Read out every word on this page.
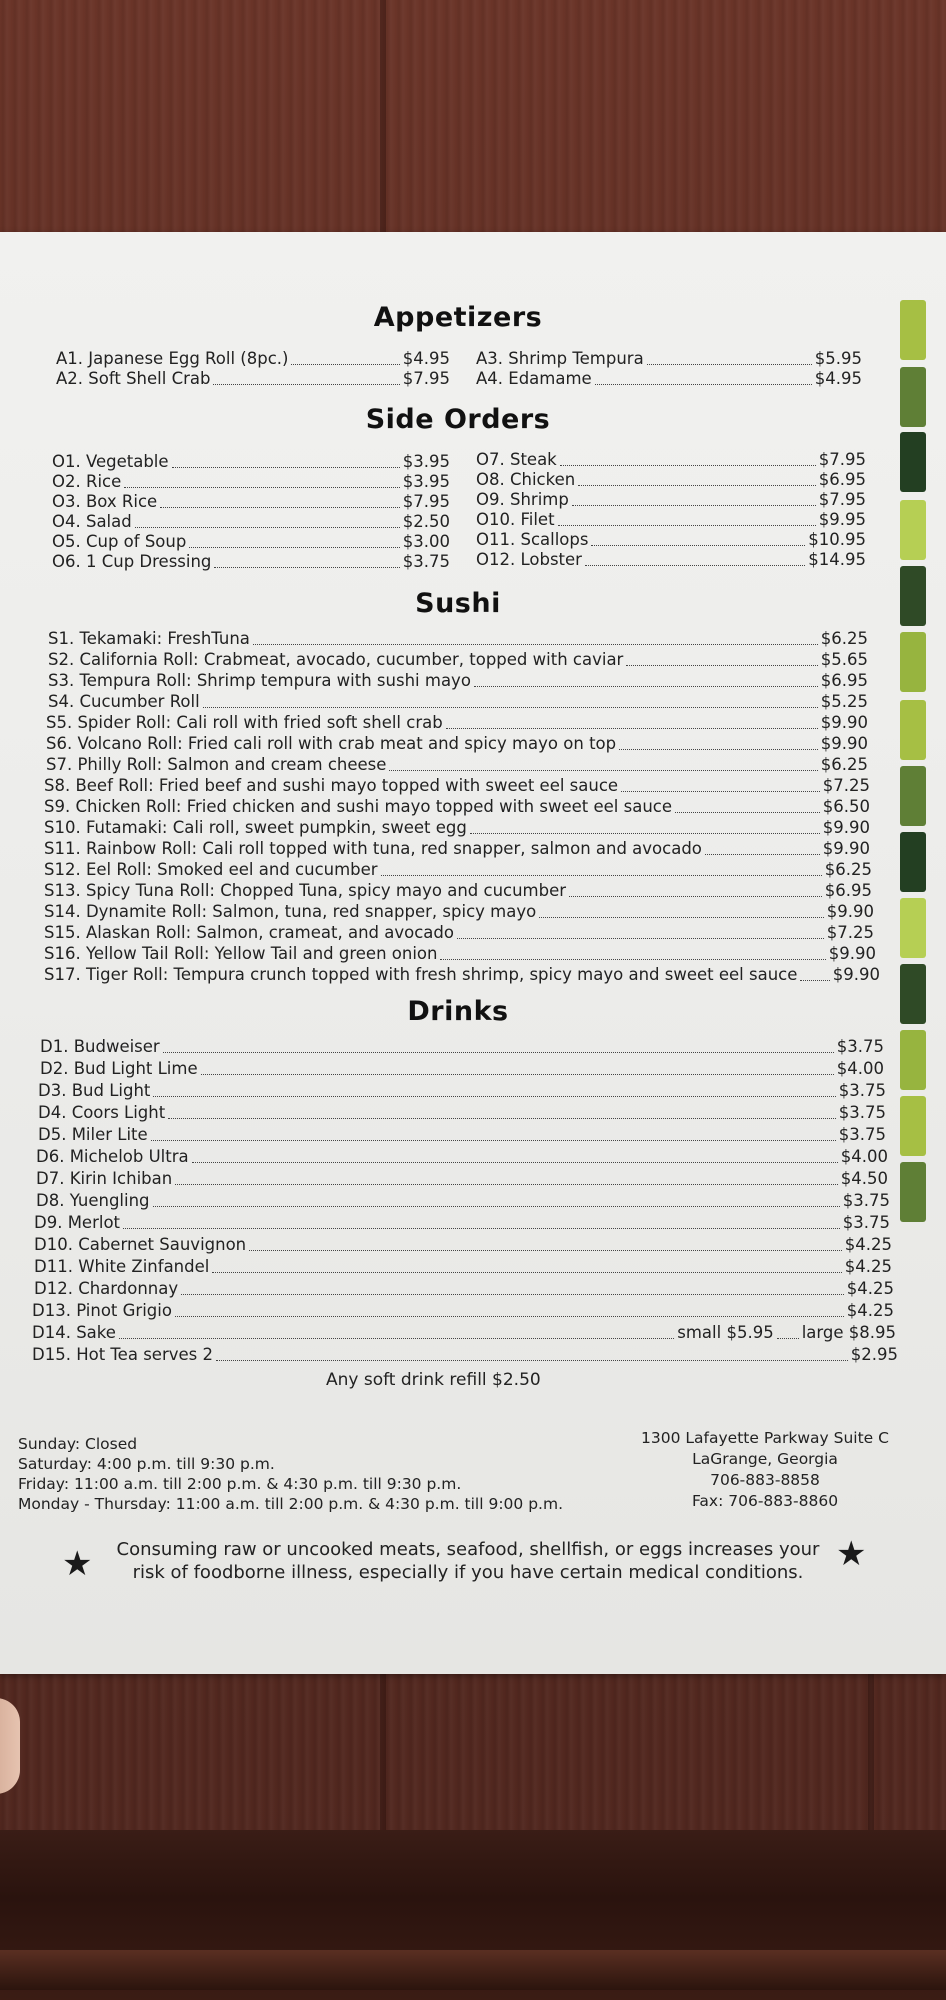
Appetizers
A1. Japanese Egg Roll (8pc.)	$4.95
A2. Soft Shell Crab	$7.95
A3. Shrimp Tempura	$5.95
A4. Edamame	$4.95
Side Orders
O1. Vegetable	$3.95
O2. Rice	$3.95
O3. Box Rice	$7.95
O4. Salad	$2.50
O5. Cup of Soup	$3.00
O6. 1 Cup Dressing	$3.75
O7. Steak	$7.95
O8. Chicken	$6.95
O9. Shrimp	$7.95
O10. Filet	$9.95
O11. Scallops	$10.95
O12. Lobster	$14.95
Sushi
S1. Tekamaki: FreshTuna	$6.25
S2. California Roll: Crabmeat, avocado, cucumber, topped with caviar	$5.65
S3. Tempura Roll: Shrimp tempura with sushi mayo	$6.95
S4. Cucumber Roll	$5.25
S5. Spider Roll: Cali roll with fried soft shell crab	$9.90
S6. Volcano Roll: Fried cali roll with crab meat and spicy mayo on top	$9.90
S7. Philly Roll: Salmon and cream cheese	$6.25
S8. Beef Roll: Fried beef and sushi mayo topped with sweet eel sauce	$7.25
S9. Chicken Roll: Fried chicken and sushi mayo topped with sweet eel sauce	$6.50
S10. Futamaki: Cali roll, sweet pumpkin, sweet egg	$9.90
S11. Rainbow Roll: Cali roll topped with tuna, red snapper, salmon and avocado	$9.90
S12. Eel Roll: Smoked eel and cucumber	$6.25
S13. Spicy Tuna Roll: Chopped Tuna, spicy mayo and cucumber	$6.95
S14. Dynamite Roll: Salmon, tuna, red snapper, spicy mayo	$9.90
S15. Alaskan Roll: Salmon, crameat, and avocado	$7.25
S16. Yellow Tail Roll: Yellow Tail and green onion	$9.90
S17. Tiger Roll: Tempura crunch topped with fresh shrimp, spicy mayo and sweet eel sauce $9.90
Drinks
D1. Budweiser	$3.75
D2. Bud Light Lime	$4.00
D3. Bud Light	$3.75
D4. Coors Light	$3.75
D5. Miler Lite	$3.75
D6. Michelob Ultra	$4.00
D7. Kirin Ichiban	$4.50
D8. Yuengling	$3.75
D9. Merlot	$3.75
D10. Cabernet Sauvignon	$4.25
D11. White Zinfandel	$4.25
D12. Chardonnay	$4.25
D13. Pinot Grigio	$4.25
D14. Sake	small $5.95 large $8.95
D15. Hot Tea serves 2	$2.95
Any soft drink refill $2.50
Sunday: Closed
Saturday: 4:00 p.m. till 9:30 p.m.
Friday: 11:00 a.m. till 2:00 p.m. & 4:30 p.m. till 9:30 p.m.
Monday - Thursday: 11:00 a.m. till 2:00 p.m. & 4:30 p.m. till 9:00 p.m.
1300 Lafayette Parkway Suite C
LaGrange, Georgia
706-883-8858
Fax: 706-883-8860
★	Consuming raw or uncooked meats, seafood, shellfish, or eggs increases your risk of foodborne illness, especially if you have certain medical conditions. ★
